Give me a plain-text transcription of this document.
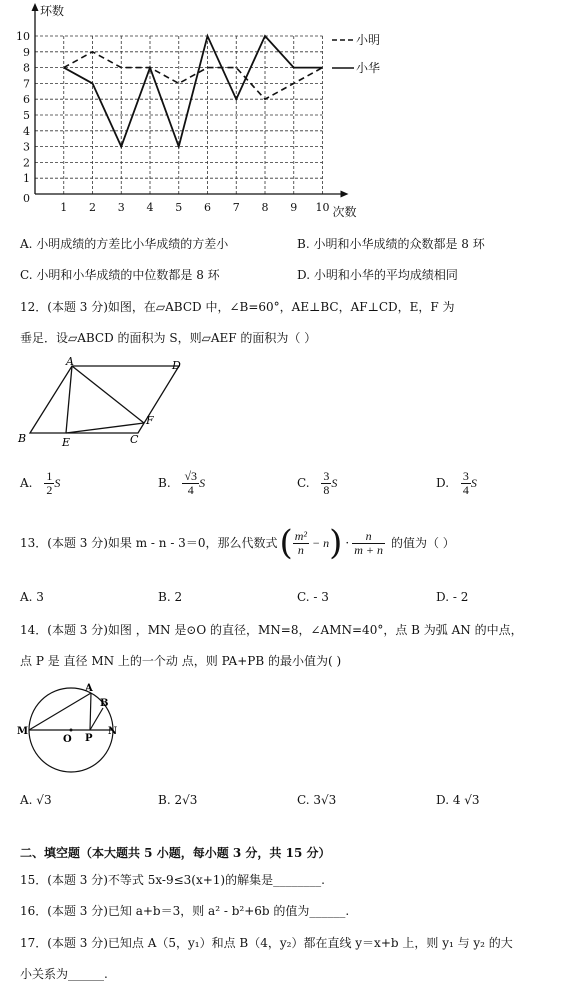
1
2
3
4
5
6
7
8
9
10
1 2 3 4 5 6 7 8 9 10
0
环数
次数
小明
小华
A. 小明成绩的方差比小华成绩的方差小	B. 小明和小华成绩的众数都是 8 环
C. 小明和小华成绩的中位数都是 8 环	D. 小明和小华的平均成绩相同
12．(本题 3 分)如图，在▱ABCD 中，∠B=60°，AE⊥BC，AF⊥CD，E，F 为
垂足．设▱ABCD 的面积为 S，则▱AEF 的面积为（ ）
A	D
B	E	C
F
A. $\frac{1}{2}$ S	B. $\frac{√3}{4}$ S	C. $\frac{3}{8}$ S	D. $\frac{3}{4}$ S
13．(本题 3 分)如果 m - n - 3＝0，那么代数式 ( $\frac{\text{m²}}{n} - n$ ) · $\frac{n}{m + n}$ 的值为（ ）
A. 3	B. 2	C. - 3	D. - 2
14．(本题 3 分)如图 ，MN 是⊙O 的直径，MN=8，∠AMN=40°，点 B 为弧 AN 的中点，
点 P 是 直径 MN 上的一个动 点，则 PA+PB 的最小值为( )
M
O P
N
A
B
A. √3	B. 2√3	C. 3√3	D. 4 √3
二、填空题（本大题共 5 小题，每小题 3 分，共 15 分）
15．(本题 3 分)不等式 5x-9≤3(x+1)的解集是________.
16．(本题 3 分)已知 a+b＝3，则 a² - b²+6b 的值为______.
17．(本题 3 分)已知点 A（5，y₁）和点 B（4，y₂）都在直线 y＝x+b 上，则 y₁ 与 y₂ 的大
小关系为______.
